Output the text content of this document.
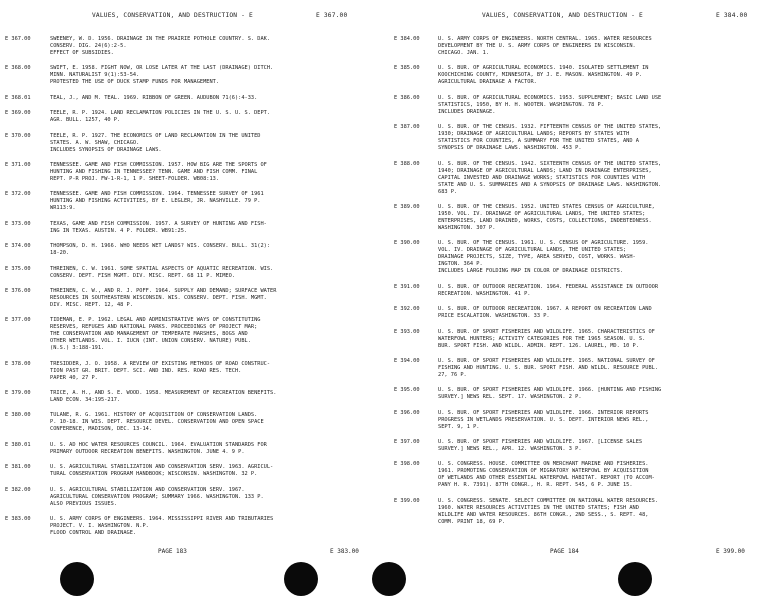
VALUES, CONSERVATION, AND DESTRUCTION - E	E 367.00
E 367.00	SWEENEY, W. D. 1956. DRAINAGE IN THE PRAIRIE POTHOLE COUNTRY. S. DAK.
CONSERV. DIG. 24(6):2-5.
EFFECT OF SUBSIDIES.
E 368.00	SWIFT, E. 1958. FIGHT NOW, OR LOSE LATER AT THE LAST (DRAINAGE) DITCH.
MINN. NATURALIST 9(1):53-54.
PROTESTED THE USE OF DUCK STAMP FUNDS FOR MANAGEMENT.
E 368.01	TEAL, J., AND M. TEAL. 1969. RIBBON OF GREEN. AUDUBON 71(6):4-33.
E 369.00	TEELE, R. P. 1924. LAND RECLAMATION POLICIES IN THE U. S. U. S. DEPT.
AGR. BULL. 1257, 40 P.
E 370.00	TEELE, R. P. 1927. THE ECONOMICS OF LAND RECLAMATION IN THE UNITED
STATES. A. W. SHAW, CHICAGO.
INCLUDES SYNOPSIS OF DRAINAGE LAWS.
E 371.00	TENNESSEE. GAME AND FISH COMMISSION. 1957. HOW BIG ARE THE SPORTS OF
HUNTING AND FISHING IN TENNESSEE? TENN. GAME AND FISH COMM. FINAL
REPT. P-R PROJ. FW-1-R-1, 1 P. SHEET-FOLDER. WB08:13.
E 372.00	TENNESSEE. GAME AND FISH COMMISSION. 1964. TENNESSEE SURVEY OF 1961
HUNTING AND FISHING ACTIVITIES, BY E. LEGLER, JR. NASHVILLE. 79 P.
WR113:9.
E 373.00	TEXAS, GAME AND FISH COMMISSION. 1957. A SURVEY OF HUNTING AND FISH-
ING IN TEXAS. AUSTIN. 4 P. FOLDER. WB91:25.
E 374.00	THOMPSON, D. H. 1966. WHO NEEDS WET LANDS? WIS. CONSERV. BULL. 31(2):
18-20.
E 375.00	THREINEN, C. W. 1961. SOME SPATIAL ASPECTS OF AQUATIC RECREATION. WIS.
CONSERV. DEPT. FISH MGMT. DIV. MISC. REPT. 68 11 P. MIMEO.
E 376.00	THREINEN, C. W., AND R. J. POFF. 1964. SUPPLY AND DEMAND; SURFACE WATER
RESOURCES IN SOUTHEASTERN WISCONSIN. WIS. CONSERV. DEPT. FISH. MGMT.
DIV. MISC. REPT. 12, 48 P.
E 377.00	TIDEMAN, E. P. 1962. LEGAL AND ADMINISTRATIVE WAYS OF CONSTITUTING
RESERVES, REFUGES AND NATIONAL PARKS. PROCEEDINGS OF PROJECT MAR;
THE CONSERVATION AND MANAGEMENT OF TEMPERATE MARSHES, BOGS AND
OTHER WETLANDS. VOL. I. IUCN (INT. UNION CONSERV. NATURE) PUBL.
(N.S.) 3:188-191.
E 378.00	TRESIDDER, J. O. 1958. A REVIEW OF EXISTING METHODS OF ROAD CONSTRUC-
TION PAST GR. BRIT. DEPT. SCI. AND IND. RES. ROAD RES. TECH.
PAPER 40, 27 P.
E 379.00	TRICE, A. H., AND S. E. WOOD. 1958. MEASUREMENT OF RECREATION BENEFITS.
LAND ECON. 34:195-217.
E 380.00	TULANE, R. G. 1961. HISTORY OF ACQUISITION OF CONSERVATION LANDS.
P. 10-18. IN WIS. DEPT. RESOURCE DEVEL. CONSERVATION AND OPEN SPACE
CONFERENCE, MADISON, DEC. 13-14.
E 380.01	U. S. AD HOC WATER RESOURCES COUNCIL. 1964. EVALUATION STANDARDS FOR
PRIMARY OUTDOOR RECREATION BENEFITS. WASHINGTON. JUNE 4. 9 P.
E 381.00	U. S. AGRICULTURAL STABILIZATION AND CONSERVATION SERV. 1963. AGRICUL-
TURAL CONSERVATION PROGRAM HANDBOOK; WISCONSIN. WASHINGTON. 32 P.
E 382.00	U. S. AGRICULTURAL STABILIZATION AND CONSERVATION SERV. 1967.
AGRICULTURAL CONSERVATION PROGRAM; SUMMARY 1966. WASHINGTON. 133 P.
ALSO PREVIOUS ISSUES.
E 383.00	U. S. ARMY CORPS OF ENGINEERS. 1964. MISSISSIPPI RIVER AND TRIBUTARIES
PROJECT. V. I. WASHINGTON. N.P.
FLOOD CONTROL AND DRAINAGE.
PAGE 183	E 383.00
VALUES, CONSERVATION, AND DESTRUCTION - E	E 384.00
E 384.00	U. S. ARMY CORPS OF ENGINEERS. NORTH CENTRAL. 1965. WATER RESOURCES
DEVELOPMENT BY THE U. S. ARMY CORPS OF ENGINEERS IN WISCONSIN.
CHICAGO. JAN. 1.
E 385.00	U. S. BUR. OF AGRICULTURAL ECONOMICS. 1940. ISOLATED SETTLEMENT IN
KOOCHICHING COUNTY, MINNESOTA, BY J. E. MASON. WASHINGTON. 49 P.
AGRICULTURAL DRAINAGE A FACTOR.
E 386.00	U. S. BUR. OF AGRICULTURAL ECONOMICS. 1953. SUPPLEMENT; BASIC LAND USE
STATISTICS, 1950, BY H. H. WOOTEN. WASHINGTON. 78 P.
INCLUDES DRAINAGE.
E 387.00	U. S. BUR. OF THE CENSUS. 1932. FIFTEENTH CENSUS OF THE UNITED STATES,
1930; DRAINAGE OF AGRICULTURAL LANDS; REPORTS BY STATES WITH
STATISTICS FOR COUNTIES, A SUMMARY FOR THE UNITED STATES, AND A
SYNOPSIS OF DRAINAGE LAWS. WASHINGTON. 453 P.
E 388.00	U. S. BUR. OF THE CENSUS. 1942. SIXTEENTH CENSUS OF THE UNITED STATES,
1940; DRAINAGE OF AGRICULTURAL LANDS; LAND IN DRAINAGE ENTERPRISES,
CAPITAL INVESTED AND DRAINAGE WORKS; STATISTICS FOR COUNTIES WITH
STATE AND U. S. SUMMARIES AND A SYNOPSIS OF DRAINAGE LAWS. WASHINGTON.
683 P.
E 389.00	U. S. BUR. OF THE CENSUS. 1952. UNITED STATES CENSUS OF AGRICULTURE,
1950. VOL. IV. DRAINAGE OF AGRICULTURAL LANDS, THE UNITED STATES;
ENTERPRISES, LAND DRAINED, WORKS, COSTS, COLLECTIONS, INDEBTEDNESS.
WASHINGTON. 307 P.
E 390.00	U. S. BUR. OF THE CENSUS. 1961. U. S. CENSUS OF AGRICULTURE. 1959.
VOL. IV. DRAINAGE OF AGRICULTURAL LANDS, THE UNITED STATES;
DRAINAGE PROJECTS, SIZE, TYPE, AREA SERVED, COST, WORKS. WASH-
INGTON. 364 P.
INCLUDES LARGE FOLDING MAP IN COLOR OF DRAINAGE DISTRICTS.
E 391.00	U. S. BUR. OF OUTDOOR RECREATION. 1964. FEDERAL ASSISTANCE IN OUTDOOR
RECREATION. WASHINGTON. 41 P.
E 392.00	U. S. BUR. OF OUTDOOR RECREATION. 1967. A REPORT ON RECREATION LAND
PRICE ESCALATION. WASHINGTON. 33 P.
E 393.00	U. S. BUR. OF SPORT FISHERIES AND WILDLIFE. 1965. CHARACTERISTICS OF
WATERFOWL HUNTERS; ACTIVITY CATEGORIES FOR THE 1965 SEASON. U. S.
BUR. SPORT FISH. AND WILDL. ADMIN. REPT. 126. LAUREL, MD. 10 P.
E 394.00	U. S. BUR. OF SPORT FISHERIES AND WILDLIFE. 1965. NATIONAL SURVEY OF
FISHING AND HUNTING. U. S. BUR. SPORT FISH. AND WILDL. RESOURCE PUBL.
27, 76 P.
E 395.00	U. S. BUR. OF SPORT FISHERIES AND WILDLIFE. 1966. [HUNTING AND FISHING
SURVEY.] NEWS REL. SEPT. 17. WASHINGTON. 2 P.
E 396.00	U. S. BUR. OF SPORT FISHERIES AND WILDLIFE. 1966. INTERIOR REPORTS
PROGRESS IN WETLANDS PRESERVATION. U. S. DEPT. INTERIOR NEWS REL.,
SEPT. 9, 1 P.
E 397.00	U. S. BUR. OF SPORT FISHERIES AND WILDLIFE. 1967. [LICENSE SALES
SURVEY.] NEWS REL., APR. 12. WASHINGTON. 3 P.
E 398.00	U. S. CONGRESS. HOUSE. COMMITTEE ON MERCHANT MARINE AND FISHERIES.
1961. PROMOTING CONSERVATION OF MIGRATORY WATERFOWL BY ACQUISITION
OF WETLANDS AND OTHER ESSENTIAL WATERFOWL HABITAT. REPORT (TO ACCOM-
PANY H. R. 7391). 87TH CONGR., H. R. REPT. 545, 6 P. JUNE 15.
E 399.00	U. S. CONGRESS. SENATE. SELECT COMMITTEE ON NATIONAL WATER RESOURCES.
1960. WATER RESOURCES ACTIVITIES IN THE UNITED STATES; FISH AND
WILDLIFE AND WATER RESOURCES. 86TH CONGR., 2ND SESS., S. REPT. 48,
COMM. PRINT 18, 69 P.
PAGE 184	E 399.00
